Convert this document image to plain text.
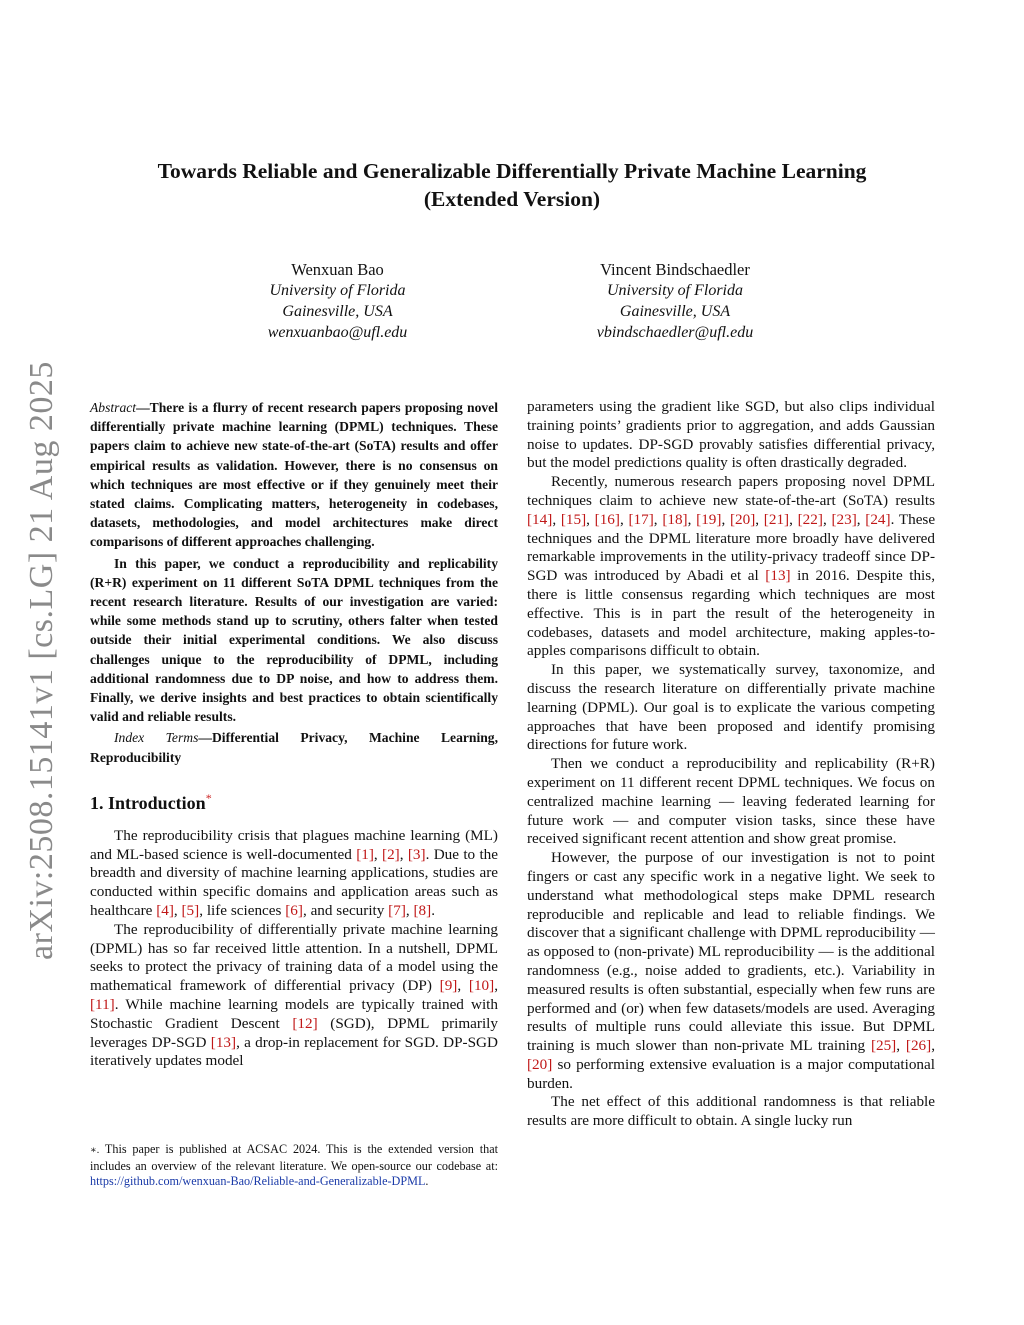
arXiv:2508.15141v1 [cs.LG] 21 Aug 2025
Towards Reliable and Generalizable Differentially Private Machine Learning
(Extended Version)
Wenxuan Bao
University of Florida
Gainesville, USA
wenxuanbao@ufl.edu
Vincent Bindschaedler
University of Florida
Gainesville, USA
vbindschaedler@ufl.edu

Abstract—There is a flurry of recent research papers proposing novel differentially private machine learning (DPML) techniques. These papers claim to achieve new state-of-the-art (SoTA) results and offer empirical results as validation. However, there is no consensus on which techniques are most effective or if they genuinely meet their stated claims. Complicating matters, heterogeneity in codebases, datasets, methodologies, and model architectures make direct comparisons of different approaches challenging.

In this paper, we conduct a reproducibility and replicability (R+R) experiment on 11 different SoTA DPML techniques from the recent research literature. Results of our investigation are varied: while some methods stand up to scrutiny, others falter when tested outside their initial experimental conditions. We also discuss challenges unique to the reproducibility of DPML, including additional randomness due to DP noise, and how to address them. Finally, we derive insights and best practices to obtain scientifically valid and reliable results.

Index Terms—Differential Privacy, Machine Learning, Reproducibility

1. Introduction*

The reproducibility crisis that plagues machine learning (ML) and ML-based science is well-documented [1], [2], [3]. Due to the breadth and diversity of machine learning applications, studies are conducted within specific domains and application areas such as healthcare [4], [5], life sciences [6], and security [7], [8].

The reproducibility of differentially private machine learning (DPML) has so far received little attention. In a nutshell, DPML seeks to protect the privacy of training data of a model using the mathematical framework of differential privacy (DP) [9], [10], [11]. While machine learning models are typically trained with Stochastic Gradient Descent [12] (SGD), DPML primarily leverages DP-SGD [13], a drop-in replacement for SGD. DP-SGD iteratively updates model

parameters using the gradient like SGD, but also clips individual training points’ gradients prior to aggregation, and adds Gaussian noise to updates. DP-SGD provably satisfies differential privacy, but the model predictions quality is often drastically degraded.

Recently, numerous research papers proposing novel DPML techniques claim to achieve new state-of-the-art (SoTA) results [14], [15], [16], [17], [18], [19], [20], [21], [22], [23], [24]. These techniques and the DPML literature more broadly have delivered remarkable improvements in the utility-privacy tradeoff since DP-SGD was introduced by Abadi et al [13] in 2016. Despite this, there is little consensus regarding which techniques are most effective. This is in part the result of the heterogeneity in codebases, datasets and model architecture, making apples-to-apples comparisons difficult to obtain.

In this paper, we systematically survey, taxonomize, and discuss the research literature on differentially private machine learning (DPML). Our goal is to explicate the various competing approaches that have been proposed and identify promising directions for future work.

Then we conduct a reproducibility and replicability (R+R) experiment on 11 different recent DPML techniques. We focus on centralized machine learning — leaving federated learning for future work — and computer vision tasks, since these have received significant recent attention and show great promise.

However, the purpose of our investigation is not to point fingers or cast any specific work in a negative light. We seek to understand what methodological steps make DPML research reproducible and replicable and lead to reliable findings. We discover that a significant challenge with DPML reproducibility — as opposed to (non-private) ML reproducibility — is the additional randomness (e.g., noise added to gradients, etc.). Variability in measured results is often substantial, especially when few runs are performed and (or) when few datasets/models are used. Averaging results of multiple runs could alleviate this issue. But DPML training is much slower than non-private ML training [25], [26], [20] so performing extensive evaluation is a major computational burden.

The net effect of this additional randomness is that reliable results are more difficult to obtain. A single lucky run

∗. This paper is published at ACSAC 2024. This is the extended version that includes an overview of the relevant literature. We open-source our codebase at: https://github.com/wenxuan-Bao/Reliable-and-Generalizable-DPML.
